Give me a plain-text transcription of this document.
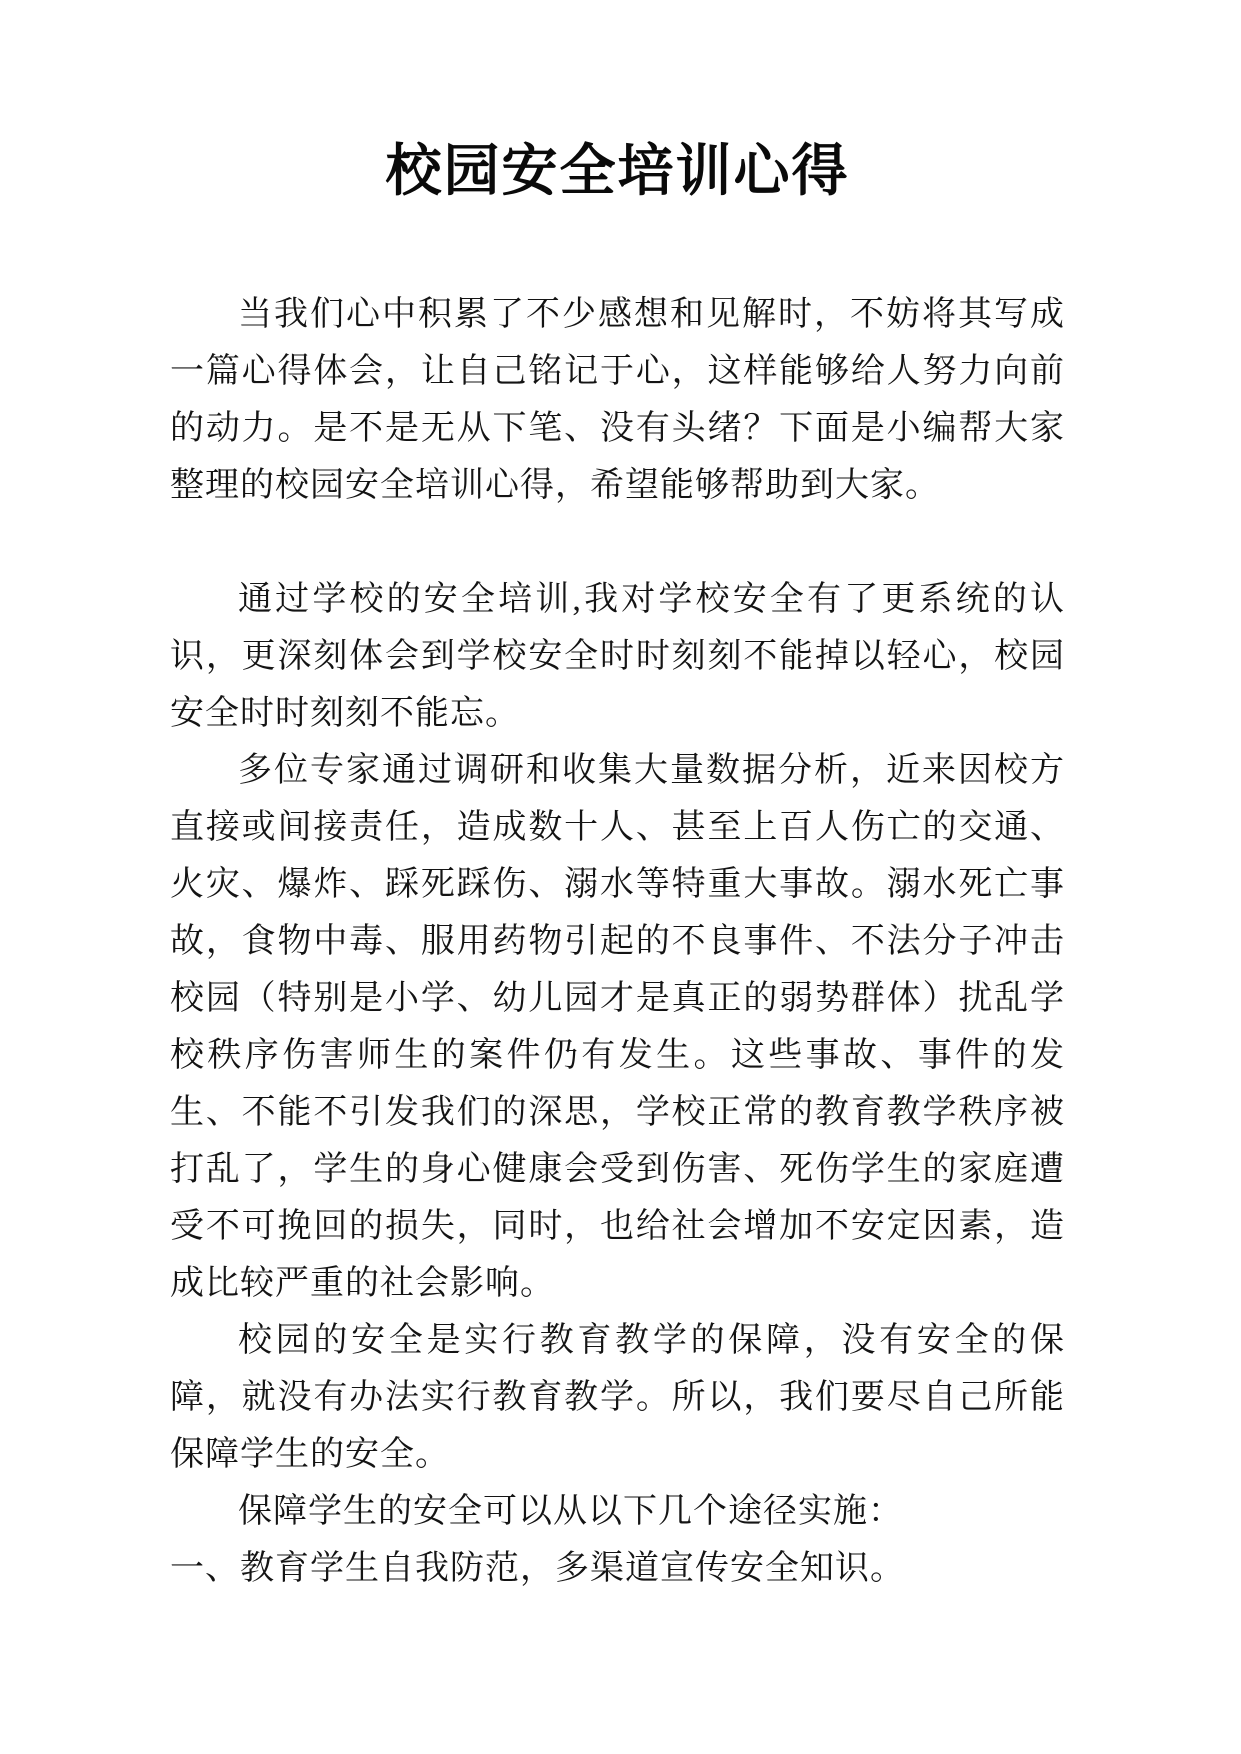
校园安全培训心得

当我们心中积累了不少感想和见解时，不妨将其写成一篇心得体会，让自己铭记于心，这样能够给人努力向前的动力。是不是无从下笔、没有头绪？下面是小编帮大家整理的校园安全培训心得，希望能够帮助到大家。

通过学校的安全培训,我对学校安全有了更系统的认识，更深刻体会到学校安全时时刻刻不能掉以轻心，校园安全时时刻刻不能忘。

多位专家通过调研和收集大量数据分析，近来因校方直接或间接责任，造成数十人、甚至上百人伤亡的交通、火灾、爆炸、踩死踩伤、溺水等特重大事故。溺水死亡事故，食物中毒、服用药物引起的不良事件、不法分子冲击校园（特别是小学、幼儿园才是真正的弱势群体）扰乱学校秩序伤害师生的案件仍有发生。这些事故、事件的发生、不能不引发我们的深思，学校正常的教育教学秩序被打乱了，学生的身心健康会受到伤害、死伤学生的家庭遭受不可挽回的损失，同时，也给社会增加不安定因素，造成比较严重的社会影响。

校园的安全是实行教育教学的保障，没有安全的保障，就没有办法实行教育教学。所以，我们要尽自己所能保障学生的安全。

保障学生的安全可以从以下几个途径实施：

一、教育学生自我防范，多渠道宣传安全知识。
